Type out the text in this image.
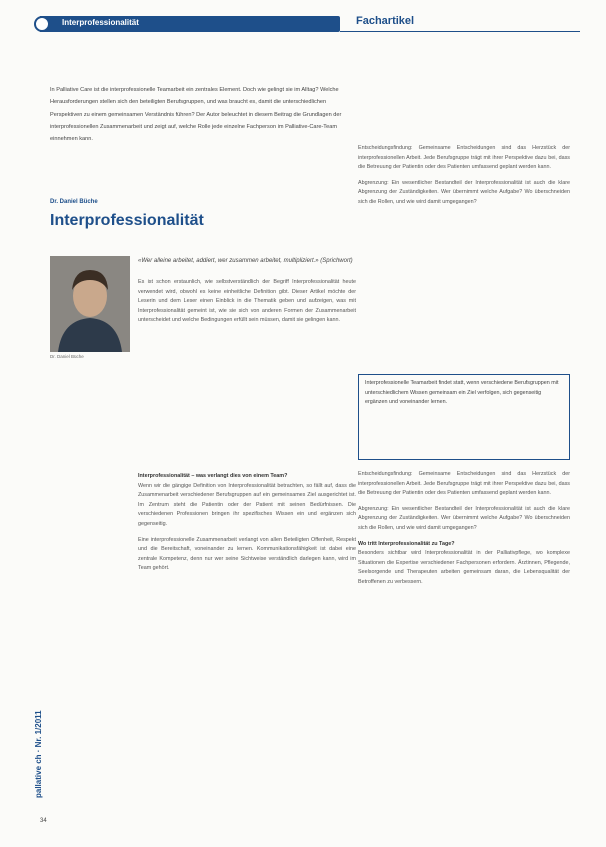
Interprofessionalität	Fachartikel
In Palliative Care ist die interprofessionelle Teamarbeit ein zentrales Element. Doch wie gelingt sie im Alltag? Welche Herausforderungen stellen sich den beteiligten Berufsgruppen, und was braucht es, damit die unterschiedlichen Perspektiven zu einem gemeinsamen Verständnis führen? Der Autor beleuchtet in diesem Beitrag die Grundlagen der interprofessionellen Zusammenarbeit und zeigt auf, welche Rolle jede einzelne Fachperson im Palliative-Care-Team einnehmen kann.
Dr. Daniel Büche
Interprofessionalität
Dr. Daniel Büche
«Wer alleine arbeitet, addiert, wer zusammen arbeitet, multipliziert.» (Sprichwort)

Es ist schon erstaunlich, wie selbstverständlich der Begriff Interprofessionalität heute verwendet wird, obwohl es keine einheitliche Definition gibt. Dieser Artikel möchte der Leserin und dem Leser einen Einblick in die Thematik geben und aufzeigen, was mit Interprofessionalität gemeint ist, wie sie sich von anderen Formen der Zusammenarbeit unterscheidet und welche Bedingungen erfüllt sein müssen, damit sie gelingen kann.

Interprofessionalität – was verlangt dies von einem Team?

Wenn wir die gängige Definition von Interprofessionalität betrachten, so fällt auf, dass die Zusammenarbeit verschiedener Berufsgruppen auf ein gemeinsames Ziel ausgerichtet ist. Im Zentrum steht die Patientin oder der Patient mit seinen Bedürfnissen. Die verschiedenen Professionen bringen ihr spezifisches Wissen ein und ergänzen sich gegenseitig.

Eine interprofessionelle Zusammenarbeit verlangt von allen Beteiligten Offenheit, Respekt und die Bereitschaft, voneinander zu lernen. Kommunikationsfähigkeit ist dabei eine zentrale Kompetenz, denn nur wer seine Sichtweise verständlich darlegen kann, wird im Team gehört.

Entscheidungsfindung: Gemeinsame Entscheidungen sind das Herzstück der interprofessionellen Arbeit. Jede Berufsgruppe trägt mit ihrer Perspektive dazu bei, dass die Betreuung der Patientin oder des Patienten umfassend geplant werden kann.

Abgrenzung: Ein wesentlicher Bestandteil der Interprofessionalität ist auch die klare Abgrenzung der Zuständigkeiten. Wer übernimmt welche Aufgabe? Wo überschneiden sich die Rollen, und wie wird damit umgegangen?

Interprofessionelle Teamarbeit findet statt, wenn verschiedene Berufsgruppen mit unterschiedlichem Wissen gemeinsam ein Ziel verfolgen, sich gegenseitig ergänzen und voneinander lernen.

Entscheidungsfindung: Gemeinsame Entscheidungen sind das Herzstück der interprofessionellen Arbeit. Jede Berufsgruppe trägt mit ihrer Perspektive dazu bei, dass die Betreuung der Patientin oder des Patienten umfassend geplant werden kann.

Abgrenzung: Ein wesentlicher Bestandteil der Interprofessionalität ist auch die klare Abgrenzung der Zuständigkeiten. Wer übernimmt welche Aufgabe? Wo überschneiden sich die Rollen, und wie wird damit umgegangen?

Wo tritt Interprofessionalität zu Tage?

Besonders sichtbar wird Interprofessionalität in der Palliativpflege, wo komplexe Situationen die Expertise verschiedener Fachpersonen erfordern. Ärztinnen, Pflegende, Seelsorgende und Therapeuten arbeiten gemeinsam daran, die Lebensqualität der Betroffenen zu verbessern.

pallative ch · Nr. 1/2011
34
